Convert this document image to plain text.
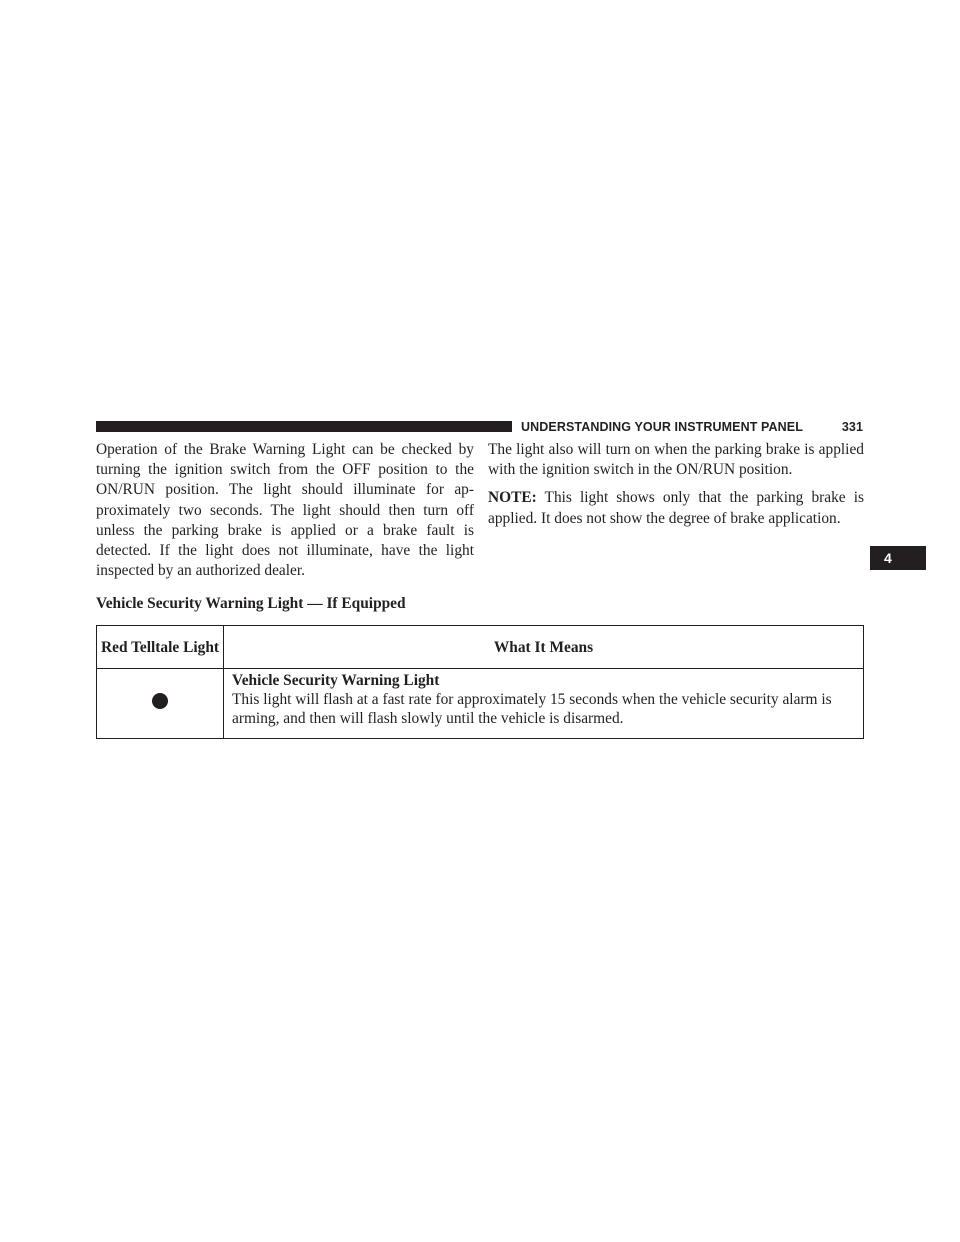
UNDERSTANDING YOUR INSTRUMENT PANEL	331
4

Operation of the Brake Warning Light can be checked by turning the ignition switch from the OFF position to the ON/RUN position. The light should illuminate for approximately two seconds. The light should then turn off unless the parking brake is applied or a brake fault is detected. If the light does not illuminate, have the light inspected by an authorized dealer.

The light also will turn on when the parking brake is applied with the ignition switch in the ON/RUN position.

NOTE: This light shows only that the parking brake is applied. It does not show the degree of brake application.

Vehicle Security Warning Light — If Equipped
Red Telltale Light	What It Means

	Vehicle Security Warning Light
This light will flash at a fast rate for approximately 15 seconds when the vehicle security alarm is arming, and then will flash slowly until the vehicle is disarmed.
